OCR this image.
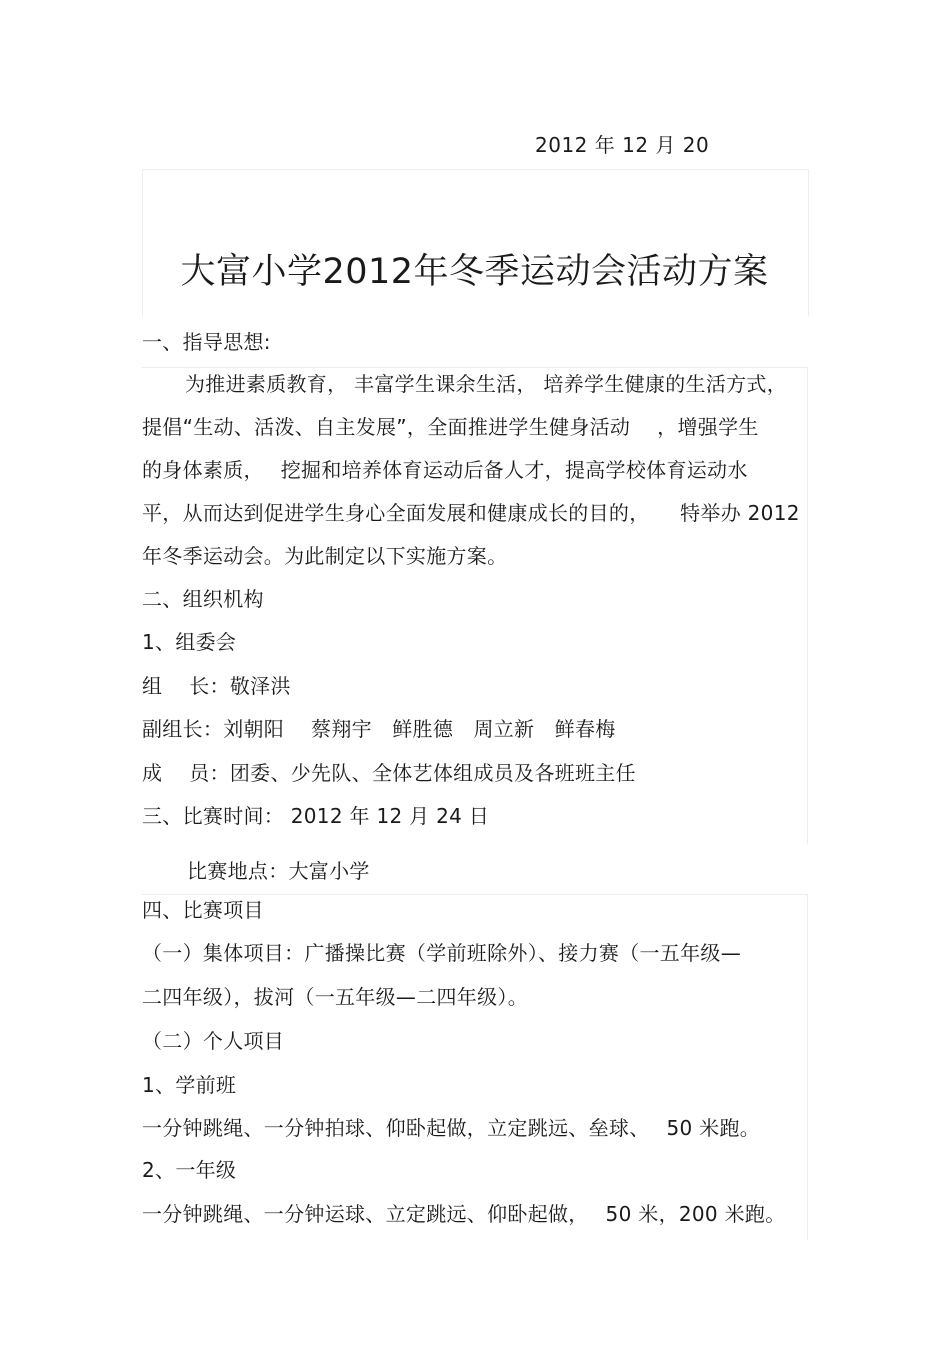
2012 年 12 月 20
大富小学2012年冬季运动会活动方案
一、指导思想:
为推进素质教育， 丰富学生课余生活， 培养学生健康的生活方式，
提倡“生动、活泼、自主发展”，全面推进学生健身活动　 ，增强学生
的身体素质，　 挖掘和培养体育运动后备人才，提高学校体育运动水
平，从而达到促进学生身心全面发展和健康成长的目的，　　特举办 2012
年冬季运动会。为此制定以下实施方案。
二、组织机构
1、组委会
组　 长：敬泽洪
副组长：刘朝阳　 蔡翔宇　鲜胜德　周立新　鲜春梅
成　 员：团委、少先队、全体艺体组成员及各班班主任
三、比赛时间： 2012 年 12 月 24 日
比赛地点：大富小学
四、比赛项目
（一）集体项目：广播操比赛（学前班除外）、接力赛（一五年级—
二四年级），拔河（一五年级—二四年级）。
（二）个人项目
1、学前班
一分钟跳绳、一分钟拍球、仰卧起做，立定跳远、垒球、　 50 米跑。
2、一年级
一分钟跳绳、一分钟运球、立定跳远、仰卧起做，　 50 米，200 米跑。
